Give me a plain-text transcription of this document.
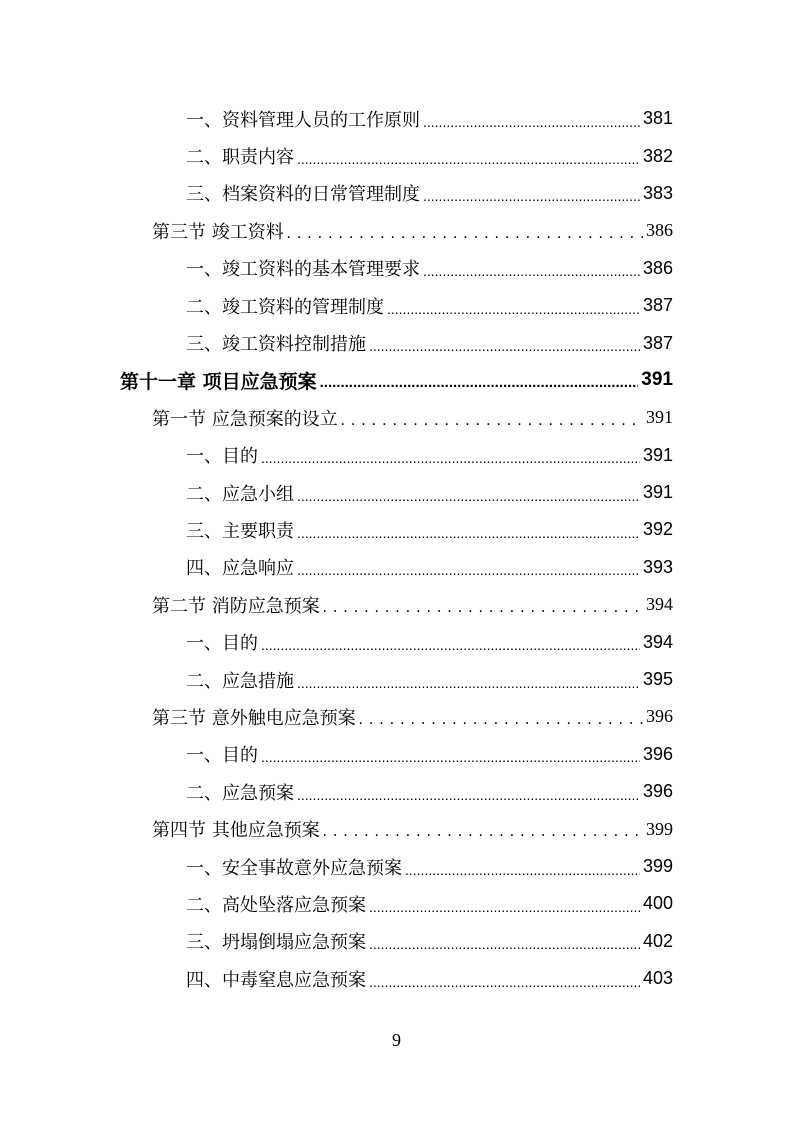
一、资料管理人员的工作原则 .....	381
二、职责内容 .....	382
三、档案资料的日常管理制度 .....	383
第三节 竣工资料 . . .	386
一、竣工资料的基本管理要求 .....	386
二、竣工资料的管理制度 .....	387
三、竣工资料控制措施 .....	387
第十一章 项目应急预案 .....	391
第一节 应急预案的设立 . . .	391
一、目的 .....	391
二、应急小组 .....	391
三、主要职责 .....	392
四、应急响应 .....	393
第二节 消防应急预案 . . .	394
一、目的 .....	394
二、应急措施 .....	395
第三节 意外触电应急预案 . . .	396
一、目的 .....	396
二、应急预案 .....	396
第四节 其他应急预案 . . .	399
一、安全事故意外应急预案 .....	399
二、高处坠落应急预案 .....	400
三、坍塌倒塌应急预案 .....	402
四、中毒窒息应急预案 .....	403
9
